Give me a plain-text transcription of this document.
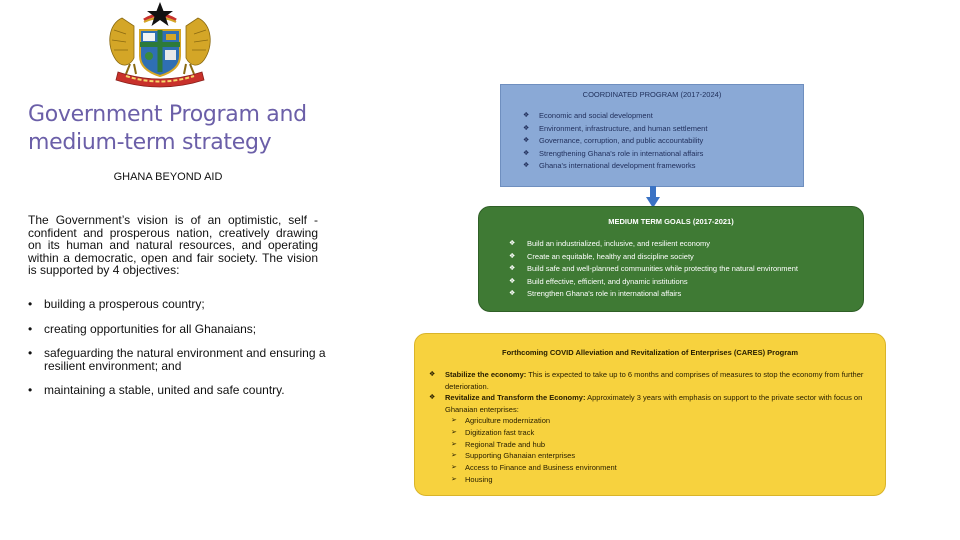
Government Program and medium-term strategy
GHANA BEYOND AID
The Government’s vision is of an optimistic, self -confident and prosperous nation, creatively drawing on its human and natural resources, and operating within a democratic, open and fair society. The vision is supported by 4 objectives:
• building a prosperous country;
• creating opportunities for all Ghanaians;
• safeguarding the natural environment and ensuring a resilient environment; and
• maintaining a stable, united and safe country.
COORDINATED PROGRAM (2017-2024)
❖ Economic and social development
❖ Environment, infrastructure, and human settlement
❖ Governance, corruption, and public accountability
❖ Strengthening Ghana's role in international affairs
❖ Ghana's international development frameworks
MEDIUM TERM GOALS (2017-2021)
❖ Build an industrialized, inclusive, and resilient economy
❖ Create an equitable, healthy and discipline society
❖ Build safe and well-planned communities while protecting the natural environment
❖ Build effective, efficient, and dynamic institutions
❖ Strengthen Ghana's role in international affairs
Forthcoming COVID Alleviation and Revitalization of Enterprises (CARES) Program
❖ Stabilize the economy: This is expected to take up to 6 months and comprises of measures to stop the economy from further deterioration.
❖ Revitalize and Transform the Economy: Approximately 3 years with emphasis on support to the private sector with focus on Ghanaian enterprises:
➢ Agriculture modernization
➢ Digitization fast track
➢ Regional Trade and hub
➢ Supporting Ghanaian enterprises
➢ Access to Finance and Business environment
➢ Housing
